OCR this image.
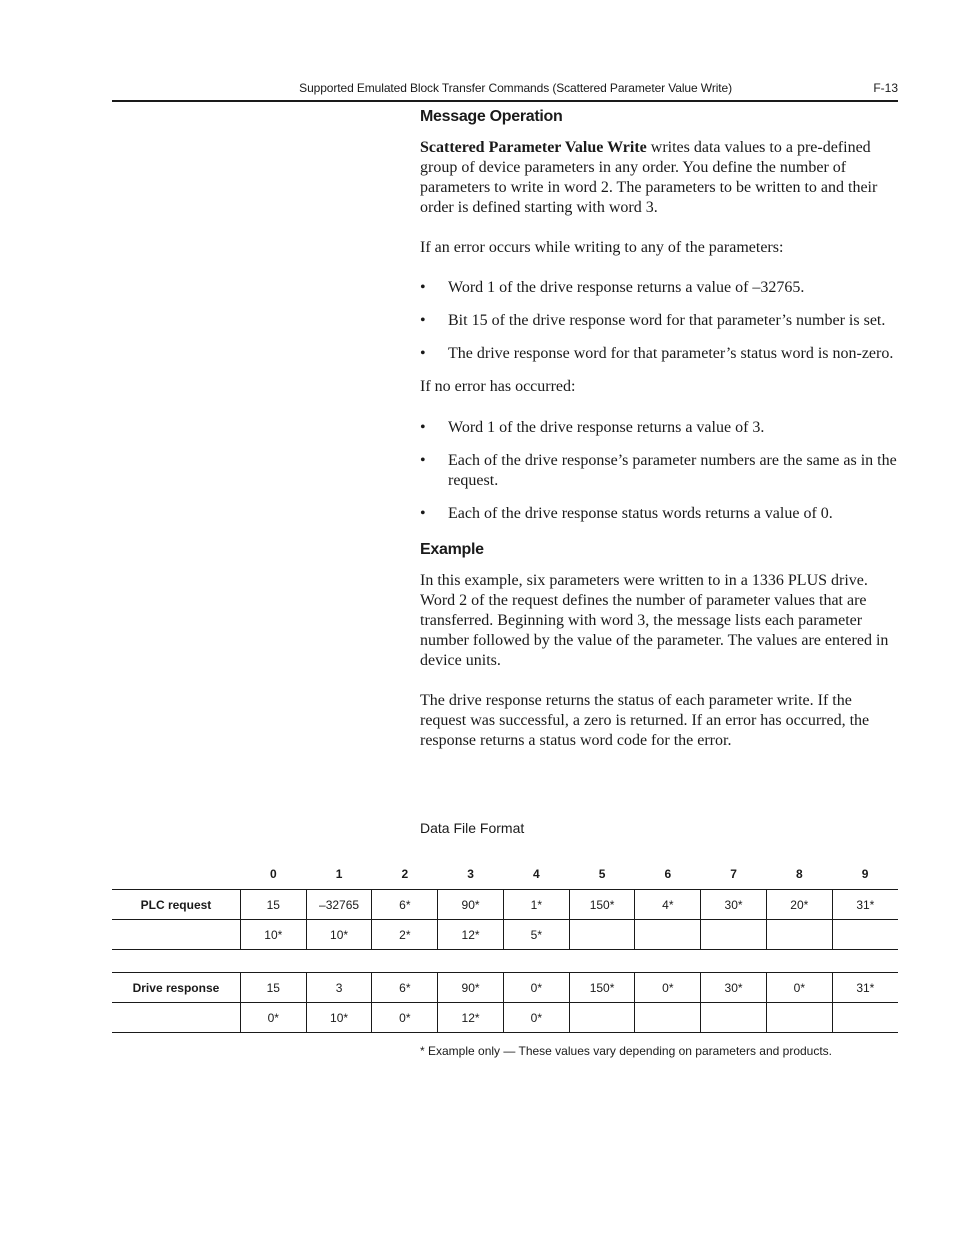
Supported Emulated Block Transfer Commands (Scattered Parameter Value Write)	F-13
Message Operation

Scattered Parameter Value Write writes data values to a pre-defined group of device parameters in any order. You define the number of parameters to write in word 2. The parameters to be written to and their order is defined starting with word 3.

If an error occurs while writing to any of the parameters:

• Word 1 of the drive response returns a value of –32765.
• Bit 15 of the drive response word for that parameter’s number is set.
• The drive response word for that parameter’s status word is non-zero.

If no error has occurred:

• Word 1 of the drive response returns a value of 3.
• Each of the drive response’s parameter numbers are the same as in the request.
• Each of the drive response status words returns a value of 0.
Example

In this example, six parameters were written to in a 1336 PLUS drive. Word 2 of the request defines the number of parameter values that are transferred. Beginning with word 3, the message lists each parameter number followed by the value of the parameter. The values are entered in device units.

The drive response returns the status of each parameter write. If the request was successful, a zero is returned. If an error has occurred, the response returns a status word code for the error.

Data File Format
	0	1	2	3	4	5	6	7	8	9
PLC request	15	–32765	6*	90*	1*	150*	4*	30*	20*	31*
	10*	10*	2*	12*	5*					

Drive response	15	3	6*	90*	0*	150*	0*	30*	0*	31*
	0*	10*	0*	12*	0*					
* Example only — These values vary depending on parameters and products.
